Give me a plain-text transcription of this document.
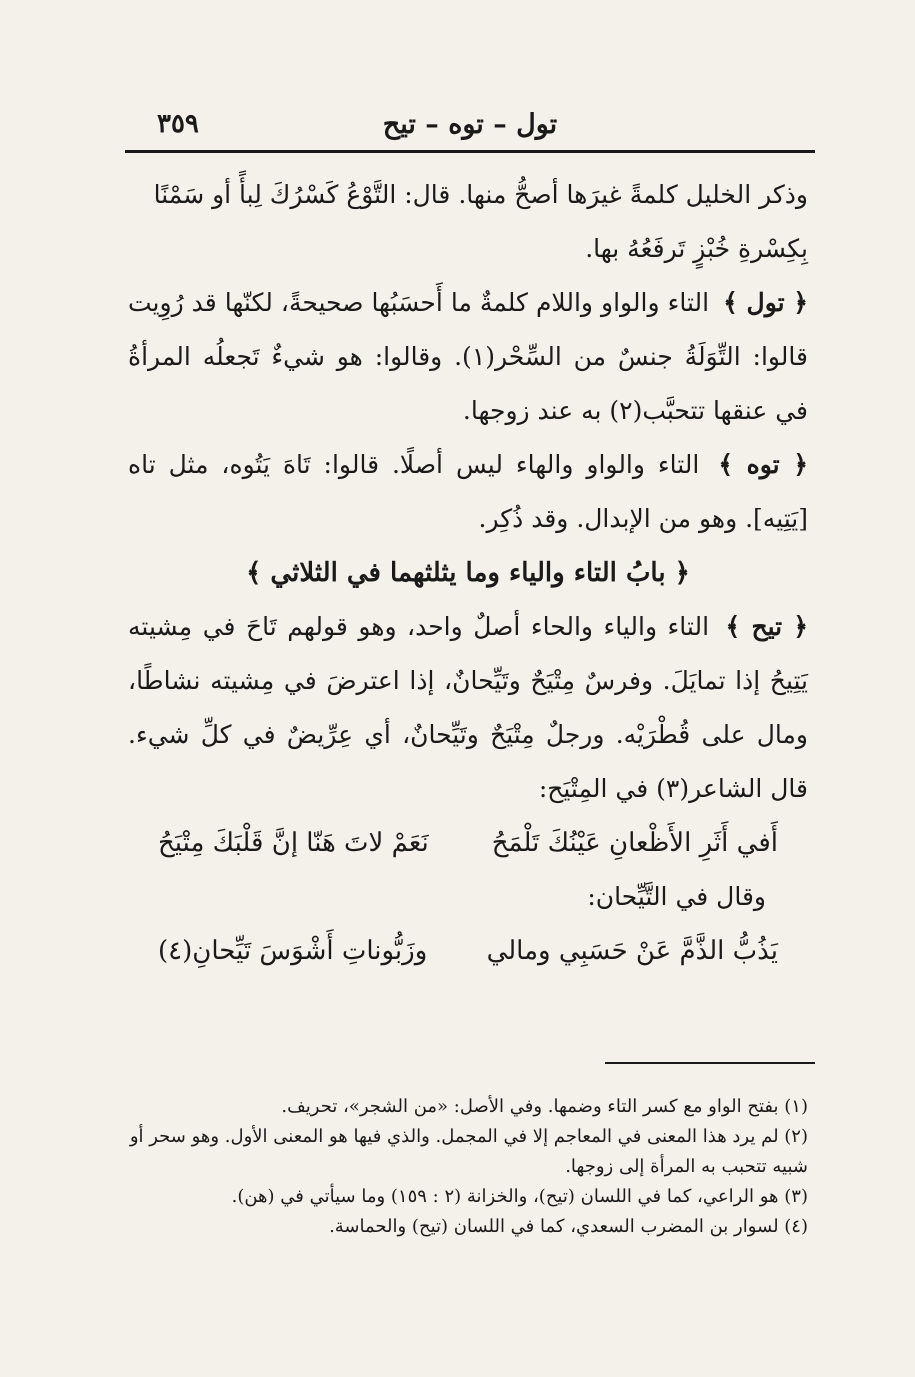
تول – توه – تيح
٣٥٩

وذكر الخليل كلمةً غيرَها أصحُّ منها. قال: التَّوْعُ كَسْرُكَ لِبأً أو سَمْنًا

بِكِسْرةِ خُبْزٍ تَرفَعُهُ بها.

﴿ تول ﴾ التاء والواو واللام كلمةٌ ما أَحسَبُها صحيحةً، لكنّها قد رُوِيت قالوا: التِّوَلَةُ جنسٌ من السِّحْر(١). وقالوا: هو شيءٌ تَجعلُه المرأةُ في عنقها تتحبَّب(٢) به عند زوجها.

﴿ توه ﴾ التاء والواو والهاء ليس أصلًا. قالوا: تَاهَ يَتُوه، مثل تاه [يَتِيه]. وهو من الإبدال. وقد ذُكِر.

﴿ بابُ التاء والياء وما يثلثهما في الثلاثي ﴾

﴿ تيح ﴾ التاء والياء والحاء أصلٌ واحد، وهو قولهم تَاحَ في مِشيته يَتِيحُ إذا تمايَلَ. وفرسٌ مِتْيَحٌ وتَيِّحانٌ، إذا اعترضَ في مِشيته نشاطًا، ومال على قُطْرَيْه. ورجلٌ مِتْيَحٌ وتَيِّحانٌ، أي عِرِّيضٌ في كلِّ شيء. قال الشاعر(٣) في المِتْيَح:

أَفي أَثَرِ الأَظْعانِ عَيْنُكَ تَلْمَحُ
نَعَمْ لاتَ هَنّا إنَّ قَلْبَكَ مِتْيَحُ

وقال في التَّيِّحان:

يَذُبُّ الذَّمَّ عَنْ حَسَبِي ومالي
وزَبُّوناتِ أَشْوَسَ تَيِّحانِ(٤)

(١) بفتح الواو مع كسر التاء وضمها. وفي الأصل: «من الشجر»، تحريف.

(٢) لم يرد هذا المعنى في المعاجم إلا في المجمل. والذي فيها هو المعنى الأول. وهو سحر أو شبيه تتحبب به المرأة إلى زوجها.

(٣) هو الراعي، كما في اللسان (تيح)، والخزانة (٢ : ١٥٩) وما سيأتي في (هن).

(٤) لسوار بن المضرب السعدي، كما في اللسان (تيح) والحماسة.
